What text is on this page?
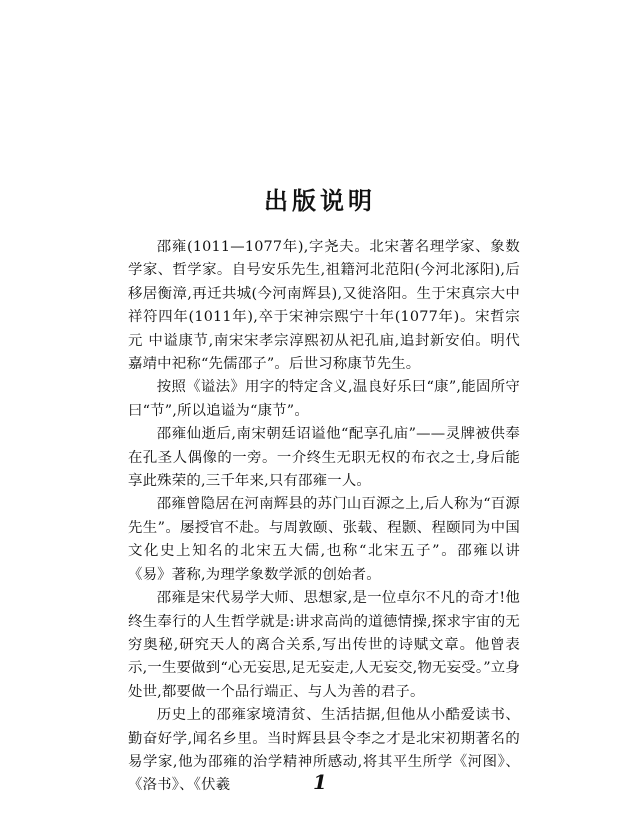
出版说明

邵雍(1011—1077年),字尧夫。北宋著名理学家、象数学家、哲学家。自号安乐先生,祖籍河北范阳(今河北涿阳),后移居衡漳,再迁共城(今河南辉县),又徙洛阳。生于宋真宗大中祥符四年(1011年),卒于宋神宗熙宁十年(1077年)。宋哲宗元 中谥康节,南宋宋孝宗淳熙初从祀孔庙,追封新安伯。明代嘉靖中祀称“先儒邵子”。后世习称康节先生。

按照《谥法》用字的特定含义,温良好乐曰“康”,能固所守曰“节”,所以追谥为“康节”。

邵雍仙逝后,南宋朝廷诏谥他“配享孔庙”——灵牌被供奉在孔圣人偶像的一旁。一介终生无职无权的布衣之士,身后能享此殊荣的,三千年来,只有邵雍一人。

邵雍曾隐居在河南辉县的苏门山百源之上,后人称为“百源先生”。屡授官不赴。与周敦颐、张载、程颢、程颐同为中国文化史上知名的北宋五大儒,也称“北宋五子”。邵雍以讲《易》著称,为理学象数学派的创始者。

邵雍是宋代易学大师、思想家,是一位卓尔不凡的奇才!他终生奉行的人生哲学就是:讲求高尚的道德情操,探求宇宙的无穷奥秘,研究天人的离合关系,写出传世的诗赋文章。他曾表示,一生要做到“心无妄思,足无妄走,人无妄交,物无妄受。”立身处世,都要做一个品行端正、与人为善的君子。

历史上的邵雍家境清贫、生活拮据,但他从小酷爱读书、勤奋好学,闻名乡里。当时辉县县令李之才是北宋初期著名的易学家,他为邵雍的治学精神所感动,将其平生所学《河图》、《洛书》、《伏羲	1
